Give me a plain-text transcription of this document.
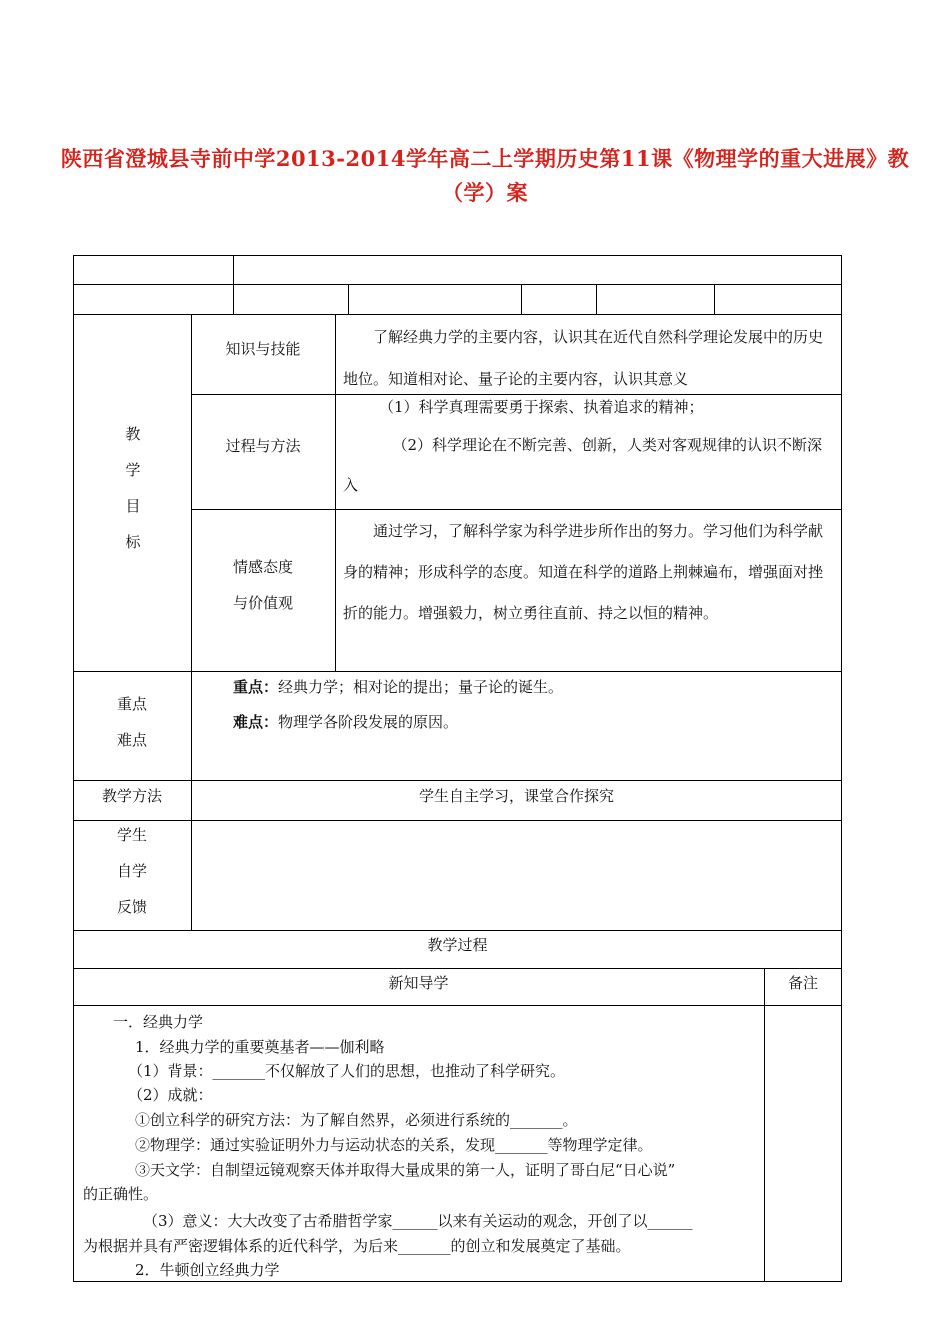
陕西省澄城县寺前中学2013-2014学年高二上学期历史第11课《物理学的重大进展》教（学）案
教
学
目
标
知识与技能
了解经典力学的主要内容，认识其在近代自然科学理论发展中的历史地位。知道相对论、量子论的主要内容，认识其意义
过程与方法
（1）科学真理需要勇于探索、执着追求的精神；
（2）科学理论在不断完善、创新，人类对客观规律的认识不断深入
情感态度
与价值观
通过学习，了解科学家为科学进步所作出的努力。学习他们为科学献身的精神；形成科学的态度。知道在科学的道路上荆棘遍布，增强面对挫折的能力。增强毅力，树立勇往直前、持之以恒的精神。
重点
难点
重点：经典力学；相对论的提出；量子论的诞生。
难点：物理学各阶段发展的原因。
教学方法	学生自主学习，课堂合作探究
学生
自学
反馈
教学过程
新知导学	备注
一．经典力学
1．经典力学的重要奠基者——伽利略
（1）背景：_______不仅解放了人们的思想，也推动了科学研究。
（2）成就：
①创立科学的研究方法：为了解自然界，必须进行系统的_______。
②物理学：通过实验证明外力与运动状态的关系，发现_______等物理学定律。
③天文学：自制望远镜观察天体并取得大量成果的第一人，证明了哥白尼“日心说”
的正确性。
（3）意义：大大改变了古希腊哲学家______以来有关运动的观念，开创了以______
为根据并具有严密逻辑体系的近代科学，为后来_______的创立和发展奠定了基础。
2．牛顿创立经典力学
